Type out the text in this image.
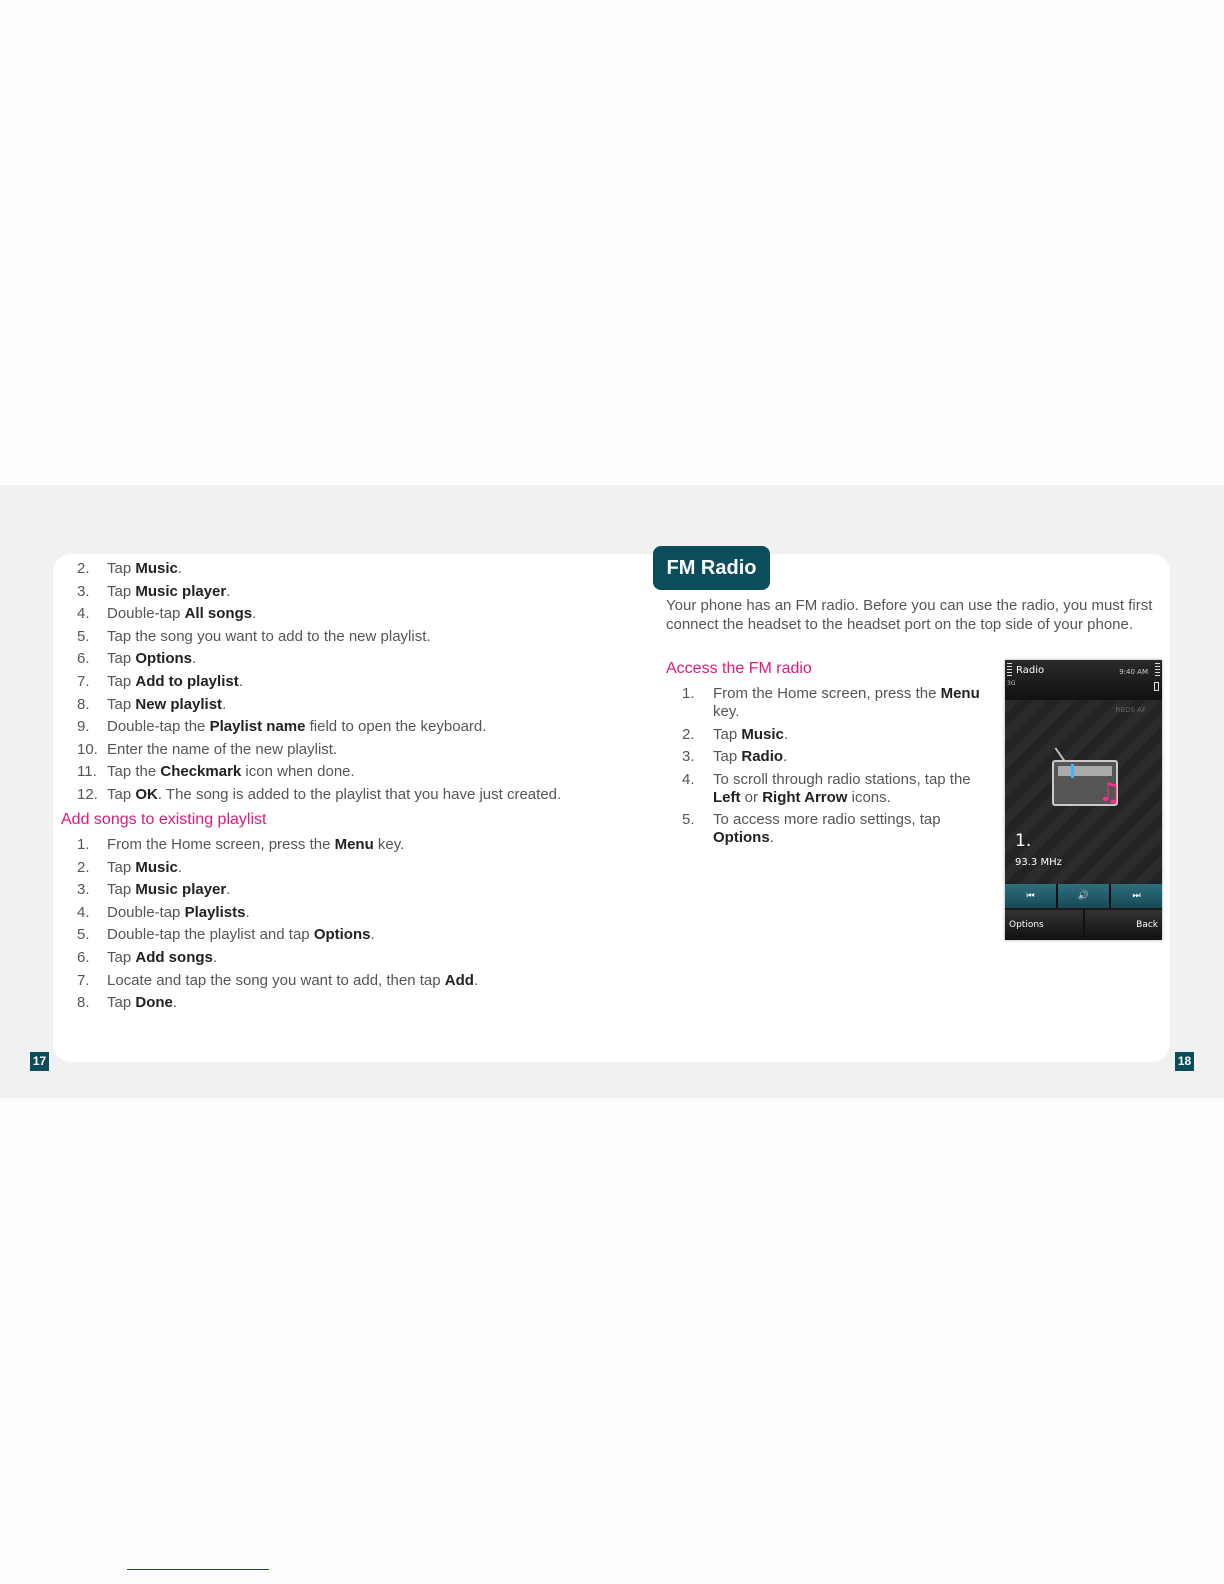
2. Tap Music.
3. Tap Music player.
4. Double-tap All songs.
5. Tap the song you want to add to the new playlist.
6. Tap Options.
7. Tap Add to playlist.
8. Tap New playlist.
9. Double-tap the Playlist name field to open the keyboard.
10. Enter the name of the new playlist.
11. Tap the Checkmark icon when done.
12. Tap OK. The song is added to the playlist that you have just created.
Add songs to existing playlist
1. From the Home screen, press the Menu key.
2. Tap Music.
3. Tap Music player.
4. Double-tap Playlists.
5. Double-tap the playlist and tap Options.
6. Tap Add songs.
7. Locate and tap the song you want to add, then tap Add.
8. Tap Done.
FM Radio
Your phone has an FM radio. Before you can use the radio, you must first connect the headset to the headset port on the top side of your phone.
Access the FM radio
1. From the Home screen, press the Menu key.
2. Tap Music.
3. Tap Radio.
4. To scroll through radio stations, tap the Left or Right Arrow icons.
5. To access more radio settings, tap Options.
Radio	9:40 AM
3G
RBDS AF
♫
1.
93.3 MHz
⏮	🔊	⏭
Options	Back
17	18
